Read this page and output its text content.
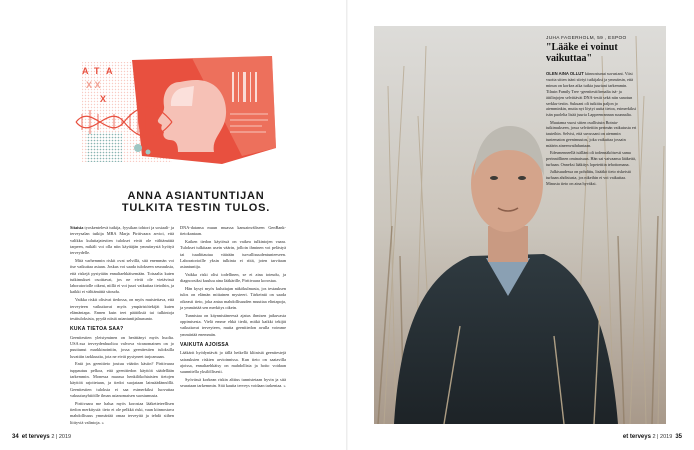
A T A
X X
X
ANNA ASIANTUNTIJAN
TULKITA TESTIN TULOS.

Sitaisia tyoskentelevä tutkija, fyysikan tohtori ja sosiaali- ja terveysalan tutkija MBA Marja Pirttivaara arvioi, että valikka kuluttajatestien tulokset eivät ole välttämättä tarpeen, mikäli voi olla niin käyttäjän ymmärrystä hyötyä terveydelle.

Mitä varhemmin riskit ovat selvillä, sitä enemmän voi itse vaikuttaa asiaan. Joskus voi saada tulokseen seurauksia, että riskejä pystytään ennaltaehkäisemään. Toisaalta kuten tutkimukset osoittavat, jos ne eivät ole vietävissä laboratoriolle oikeat, niillä ei voi juuri vaikuttaa tietoihin, ja kaikki ei välttämättä sitoudu.

Vaikka riskit olisivat tiedossa, on myös muistettava, että terveyteen vaikuttavat myös ympäristötekijät kuten elämäntapa. Ennen kuin teet päätöksiä tai tulkintoja testituloksista, pyydä niistä asiantuntijalausunto.

KUKA TIETOA SAA?

Geenitestien yleistyminen on herättänyt myös huolta. USA:ssa terveydenhuoltoa valvova viranomainen on jo puuttunut markkinointiin, jossa geenitestien tuloksilla luvattiin tarkkuutta, jota ne eivät pystyneet tarjoamaan.

Entä jos geenitieto joutuu vääriin käsiin? Pirttivaara tuppautuu pelkoa, että geenitiedon käyttöä säädellään tarkemmin. Monessa maassa henkilökohtaisten tietojen käyttöä rajoitetaan, ja tiedot suojataan lainsäädännöllä. Geenitestien tuloksia ei saa esimerkiksi luovuttaa vakuutusyhtiöille ilman asianomaisen suostumusta.

Pirttivaara me halua myös korostaa lääketieteellisen tiedon merkitystä: tieto ei ole pelkkä riski, vaan kiinnostava mahdollisuus ymmärtää omaa terveyttä ja tehdä siihen liittyviä valintoja. »

DNA-datansa muun muassa kansainväliseen GenBank-tietokantaan.

Kaiken tiedon käytössä on vaikea tulkintojen vaara. Tulokset tulkitaan usein väärin, jolloin ihminen voi pelästyä tai tuudittautua väärään turvallisuudentunteeseen. Laboratorioille yksin tulkinta ei riitä, joten tarvitaan asiantuntija.

Vaikka riski olisi todellinen, se ei aina toteudu, ja diagnoosiksi kuuluu aina lääkärille, Pirttivaara korostaa.

Hän kysyi myös kuluttajan näkökulmasta, jos testauksen tulos on elämän mittainen mysteeri. Tärkeintä on saada oikeasti tieto, joka antaa mahdollisuuden muuttaa elintapoja, ja ymmärtää sen merkitys oikein.

Tunnistaa on käynnistäneessä ajatus ihmisen jatkuvasta oppimisesta. Vielä emme ehkä tiedä, mitkä kaikki tekijät vaikuttavat terveyteen, mutta geenitiedon avulla voimme ymmärtää enemmän.

VAIKUTA AJOISSA

Lääkärit hyödyntävät jo tällä hetkellä kliinisiä geenitestejä sairauksien riskien arvioinnissa. Kun tieto on saatavilla ajoissa, ennaltaehkäisy on mahdollista ja hoito voidaan suunnitella yksilöllisesti.

Syövässä korkean riskin alttius tunnistetaan hyvin ja sitä seurataan tarkemmin. Sitä kautta terveys voidaan tarkentaa. »

34 et terveys 2 | 2019
JUHA FAGERHOLM, 59 , ESPOO
"Lääke ei voinut vaikuttaa"

OLEN AINA OLLUT kiinnostunut suvustani. Viisi vuotta sitten isäni siirtyi tutkijaksi ja ymmärsin, että minun on korkea aika tutkia juuriani tarkemmin. Tilasin Family Tree -geenitestifirmalta isä- ja äitilinjojen selvittävät DNA-testit sekä niin sanotun serkku-testin. Sukuani oli tutkittu paljon jo aiemminkin, mutta nyt löytyi uutta tietoa, esimerkiksi isän puolelta lisää juuria Lappeenrannan suunnalta.

Muutama vuosi sitten osallistuin Botnia-tutkimukseen, jossa selvitettiin perimän vaikutusta eri tauteihin. Selvisi, että suvussani on aiemmin tuntematon geenimuutos, joka vaikuttaa jossain määrin aineenvaihduntaan.

Edesmenneellä isälläni oli todennäköisesti sama perinnöllinen ominaisuus. Hän sai vaivaansa lääkettä, turhaan. Onneksi lääkitys lopetettiin tehottomana.

Julkisuudessa on pohdittu, lisääkö tieto riskeistä turhaan ahdistusta, jos nikeihin ei voi vaikuttaa. Minusta tieto on aina hyväksi.

et terveys 2 | 2019 35
